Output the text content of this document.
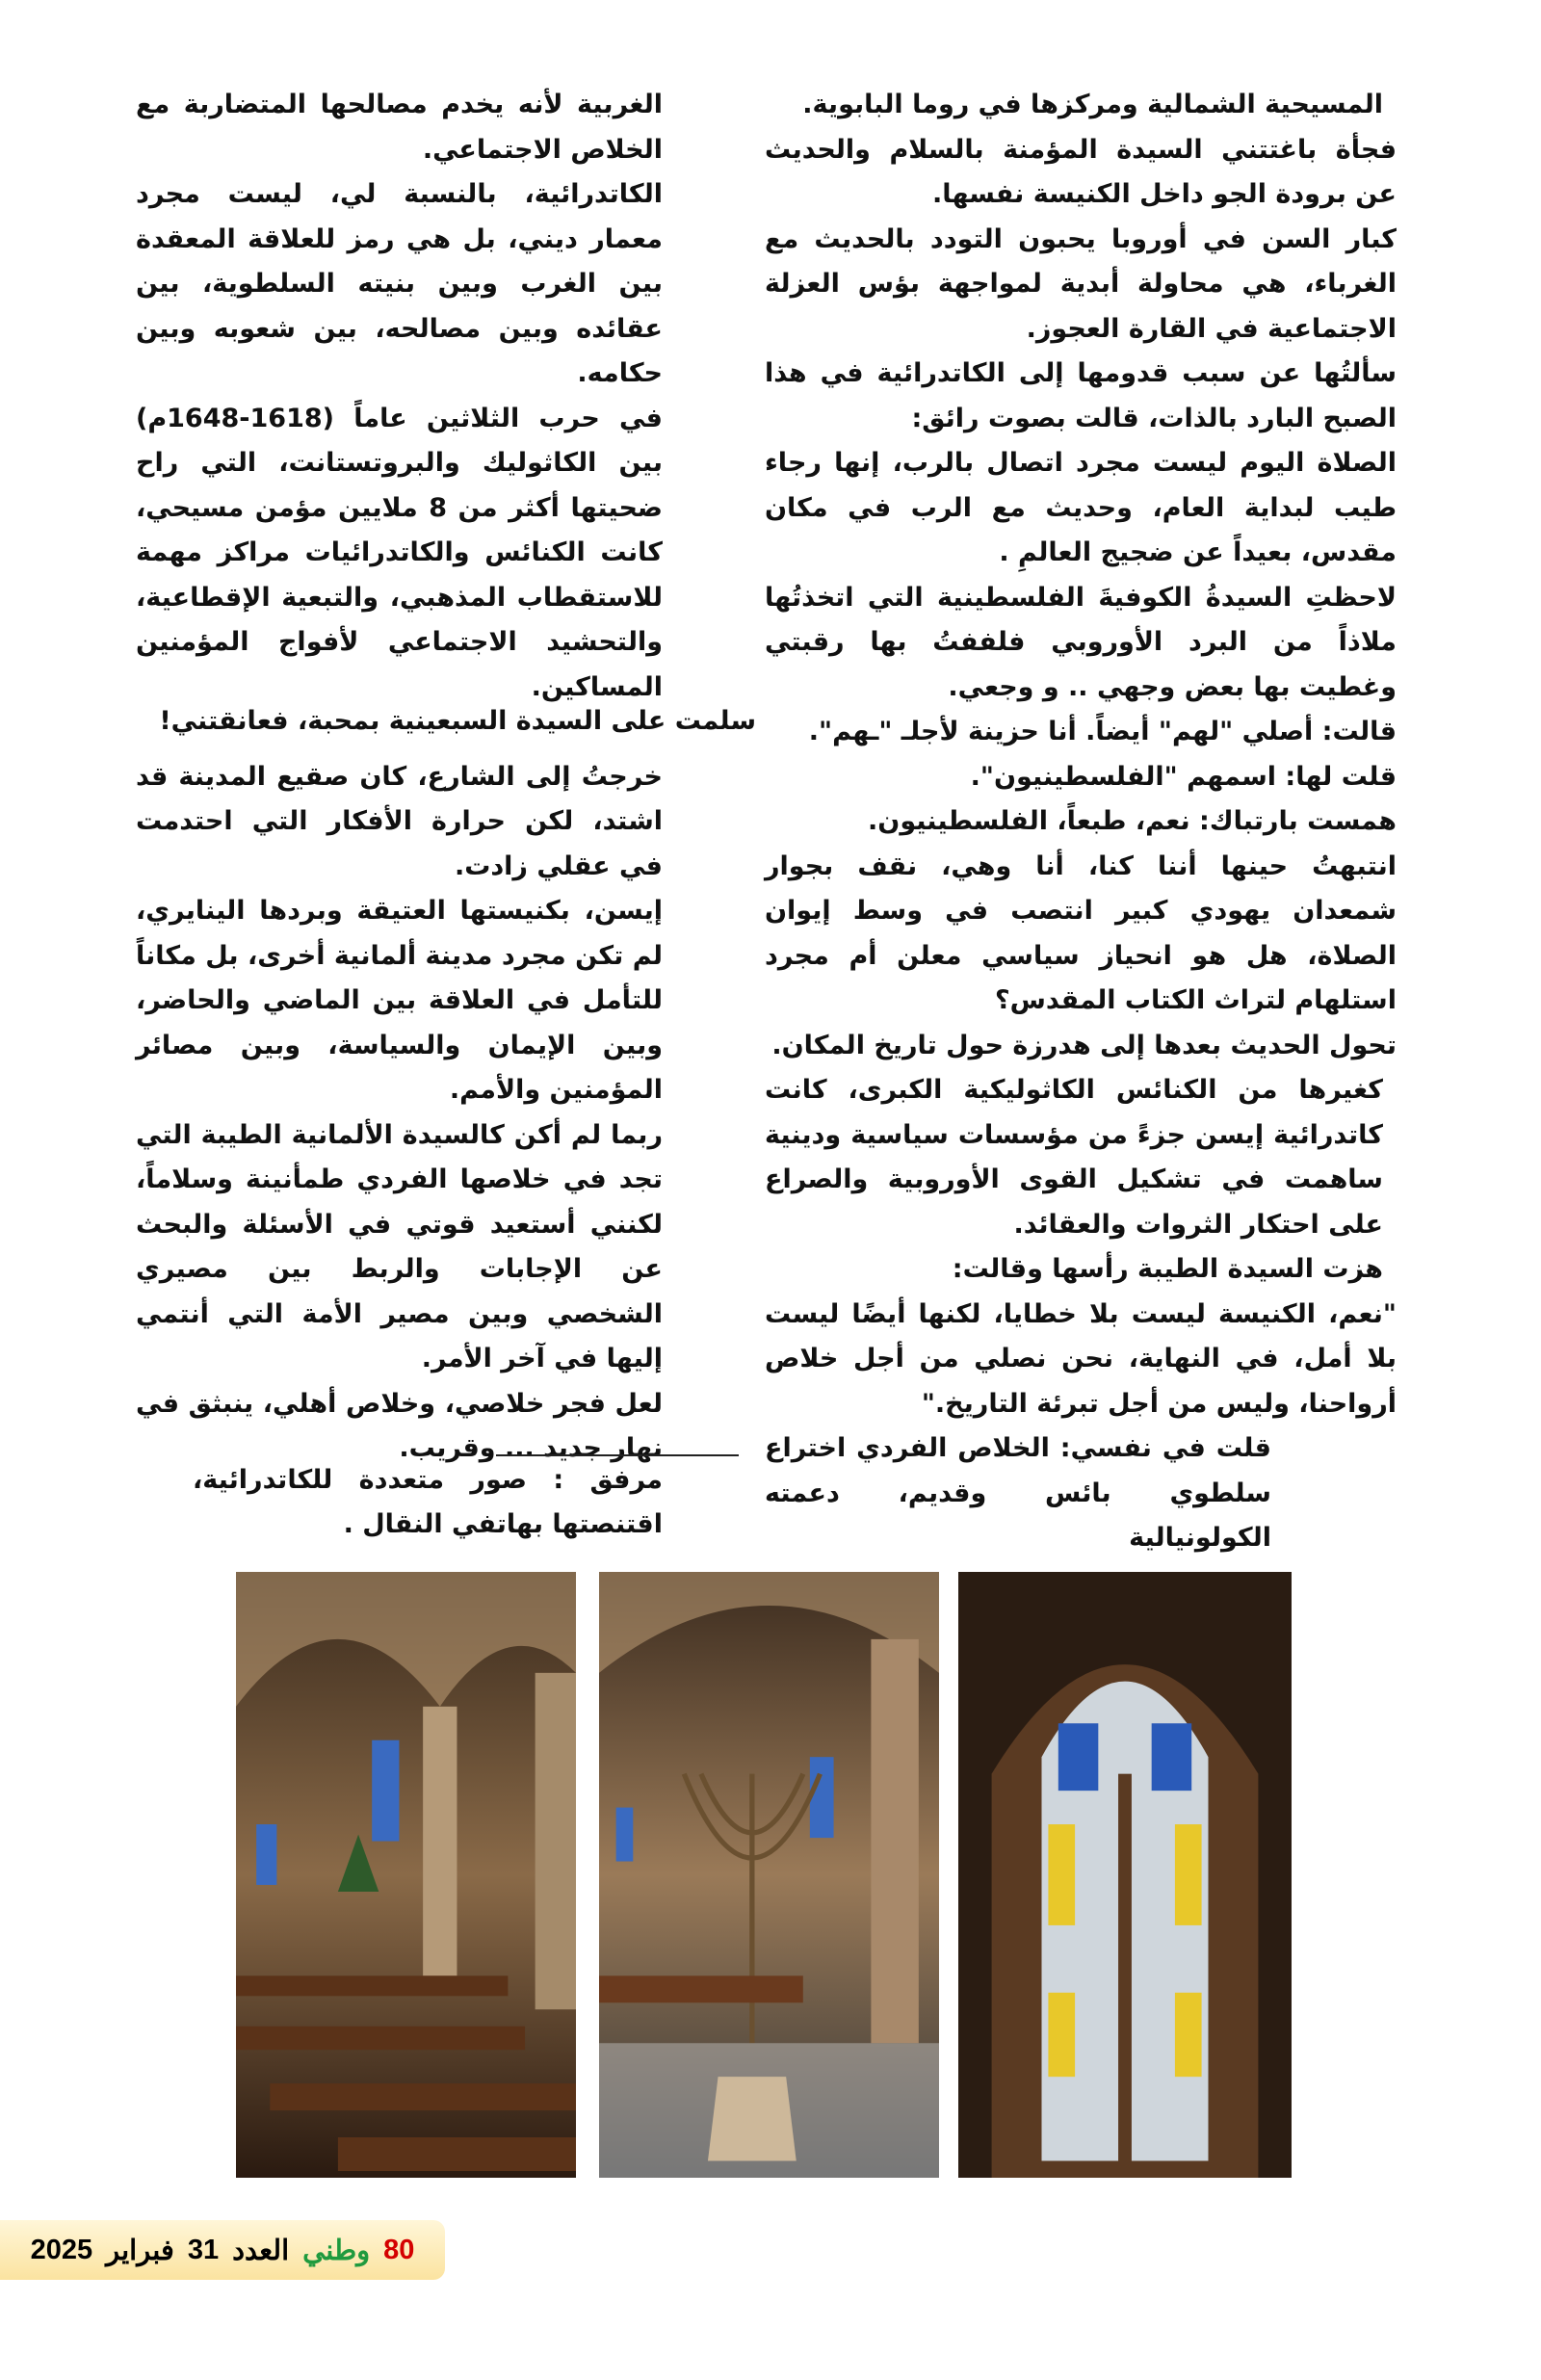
المسيحية الشمالية ومركزها في روما البابوية.

فجأة باغتتني السيدة المؤمنة بالسلام والحديث عن برودة الجو داخل الكنيسة نفسها.

كبار السن في أوروبا يحبون التودد بالحديث مع الغرباء، هي محاولة أبدية لمواجهة بؤس العزلة الاجتماعية في القارة العجوز.

سألتُها عن سبب قدومها إلى الكاتدرائية في هذا الصبح البارد بالذات، قالت بصوت رائق:

الصلاة اليوم ليست مجرد اتصال بالرب، إنها رجاء طيب لبداية العام، وحديث مع الرب في مكان مقدس، بعيداً عن ضجيج العالمِ .

لاحظتِ السيدةُ الكوفيةَ الفلسطينية التي اتخذتُها ملاذاً من البرد الأوروبي فلففتُ بها رقبتي وغطيت بها بعض وجهي .. و وجعي.

قالت: أصلي "لهم" أيضاً. أنا حزينة لأجلـ "ـهم".

قلت لها: اسمهم "الفلسطينيون".

همست بارتباك: نعم، طبعاً، الفلسطينيون.

انتبهتُ حينها أننا كنا، أنا وهي، نقف بجوار شمعدان يهودي كبير انتصب في وسط إيوان الصلاة، هل هو انحياز سياسي معلن أم مجرد استلهام لتراث الكتاب المقدس؟

تحول الحديث بعدها إلى هدرزة حول تاريخ المكان.

كغيرها من الكنائس الكاثوليكية الكبرى، كانت كاتدرائية إيسن جزءً من مؤسسات سياسية ودينية ساهمت في تشكيل القوى الأوروبية والصراع على احتكار الثروات والعقائد.

هزت السيدة الطيبة رأسها وقالت:

"نعم، الكنيسة ليست بلا خطايا، لكنها أيضًا ليست بلا أمل، في النهاية، نحن نصلي من أجل خلاص أرواحنا، وليس من أجل تبرئة التاريخ."

قلت في نفسي: الخلاص الفردي اختراع سلطوي بائس وقديم، دعمته الكولونيالية

الغربية لأنه يخدم مصالحها المتضاربة مع الخلاص الاجتماعي.

الكاتدرائية، بالنسبة لي، ليست مجرد معمار ديني، بل هي رمز للعلاقة المعقدة بين الغرب وبين بنيته السلطوية، بين عقائده وبين مصالحه، بين شعوبه وبين حكامه.

في حرب الثلاثين عاماً (1618-1648م) بين الكاثوليك والبروتستانت، التي راح ضحيتها أكثر من 8 ملايين مؤمن مسيحي، كانت الكنائس والكاتدرائيات مراكز مهمة للاستقطاب المذهبي، والتبعية الإقطاعية، والتحشيد الاجتماعي لأفواج المؤمنين المساكين.

خرجتُ إلى الشارع، كان صقيع المدينة قد اشتد، لكن حرارة الأفكار التي احتدمت في عقلي زادت.

إيسن، بكنيستها العتيقة وبردها الينايري، لم تكن مجرد مدينة ألمانية أخرى، بل مكاناً للتأمل في العلاقة بين الماضي والحاضر، وبين الإيمان والسياسة، وبين مصائر المؤمنين والأمم.

ربما لم أكن كالسيدة الألمانية الطيبة التي تجد في خلاصها الفردي طمأنينة وسلاماً، لكنني أستعيد قوتي في الأسئلة والبحث عن الإجابات والربط بين مصيري الشخصي وبين مصير الأمة التي أنتمي إليها في آخر الأمر.

لعل فجر خلاصي، وخلاص أهلي، ينبثق في نهار جديد ... وقريب.

سلمت على السيدة السبعينية بمحبة، فعانقتني!
مرفق : صور متعددة للكاتدرائية، اقتنصتها بهاتفي النقال .
80
وطني
العدد
31
فبراير
2025
